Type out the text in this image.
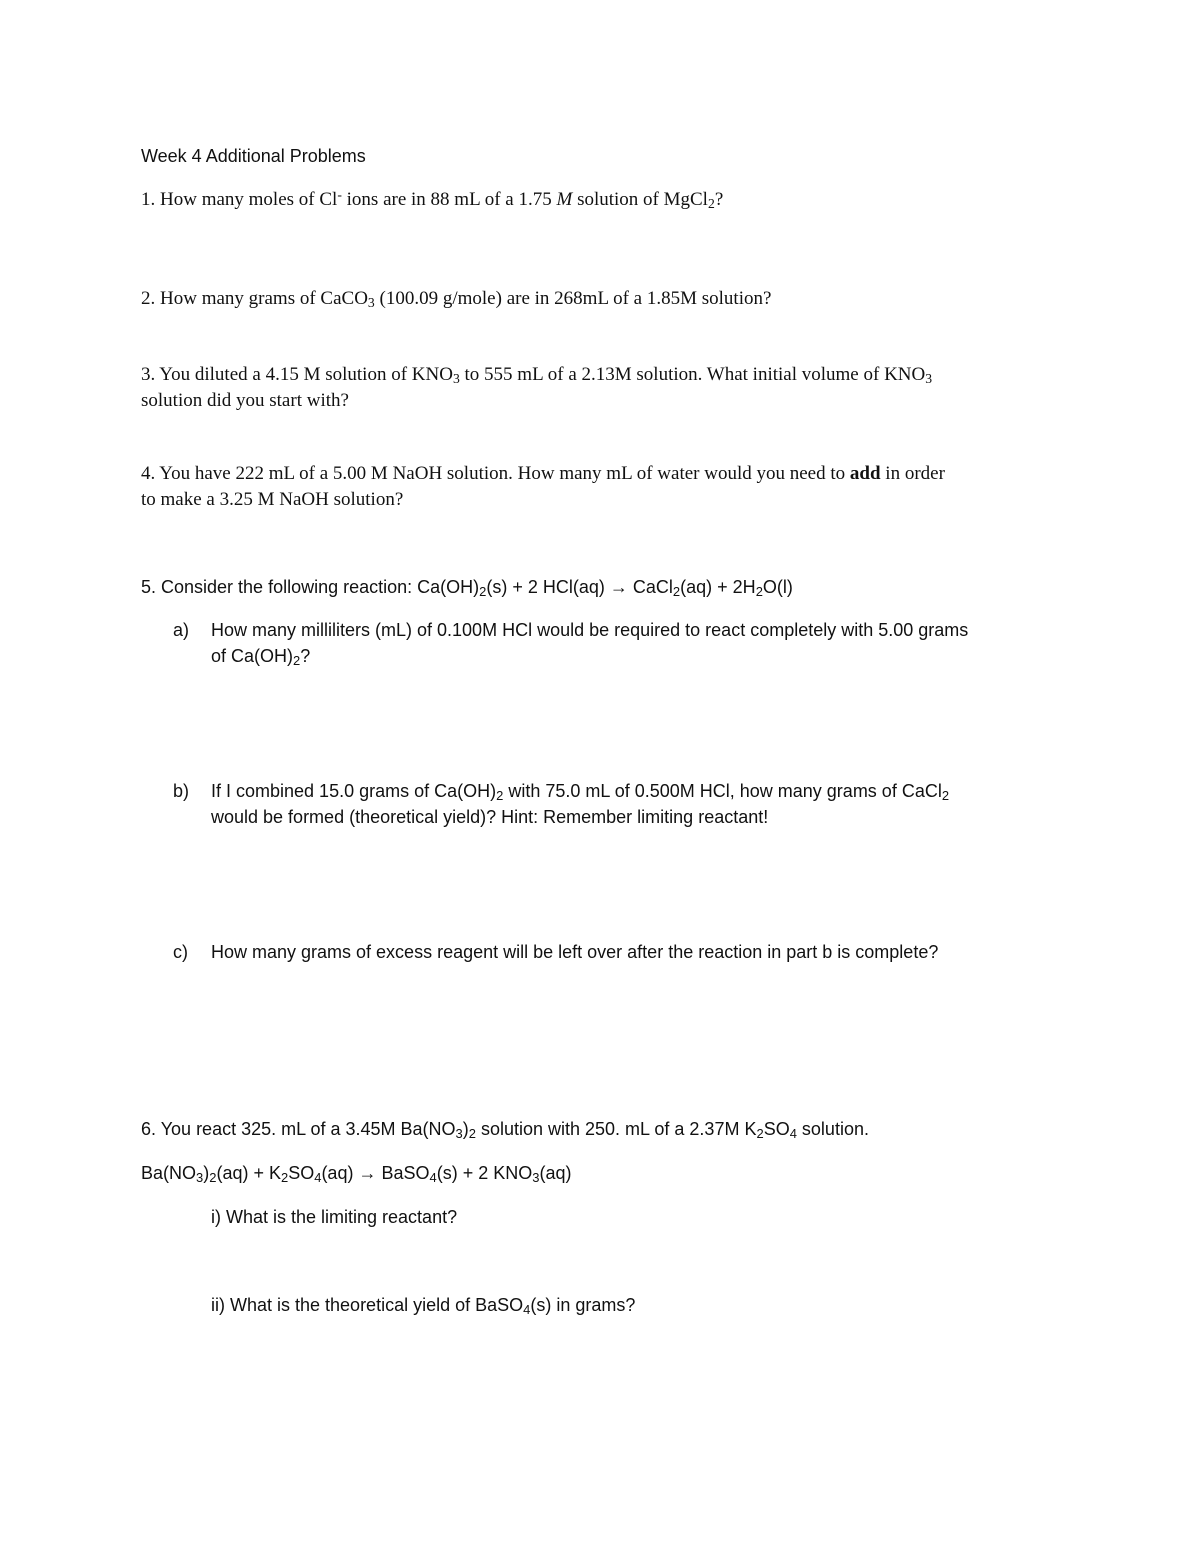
Week 4 Additional Problems
1. How many moles of Cl- ions are in 88 mL of a 1.75 M solution of MgCl$_2$?
2. How many grams of CaCO$_3$ (100.09 g/mole) are in 268mL of a 1.85M solution?
3. You diluted a 4.15 M solution of $KNO_3$ to 555 mL of a 2.13M solution. What initial volume of $KNO_3$
solution did you start with?
4. You have 222 mL of a 5.00 M NaOH solution. How many mL of water would you need to add in order
to make a 3.25 M NaOH solution?
5. Consider the following reaction: $Ca(OH)_2(s) + 2$ HCl(aq) → CaCl$_2$(aq) + $2H_2O(l)$
a) How many milliliters (mL) of 0.100M HCl would be required to react completely with 5.00 grams
of $Ca(OH)_2$?
b) If I combined 15.0 grams of $Ca(OH)_2$ with 75.0 mL of 0.500M HCl, how many grams of CaCl$_2$
would be formed (theoretical yield)? Hint: Remember limiting reactant!
c) How many grams of excess reagent will be left over after the reaction in part b is complete?
6. You react 325. mL of a 3.45M $Ba(NO_3)_2$ solution with 250. mL of a 2.37M $K_2SO_4$ solution.
$Ba(NO_3)_2(aq) + K_2SO_4(aq)$ → BaSO$_4$(s) + 2 $KNO_3(aq)$
i) What is the limiting reactant?
ii) What is the theoretical yield of BaSO$_4$(s) in grams?
